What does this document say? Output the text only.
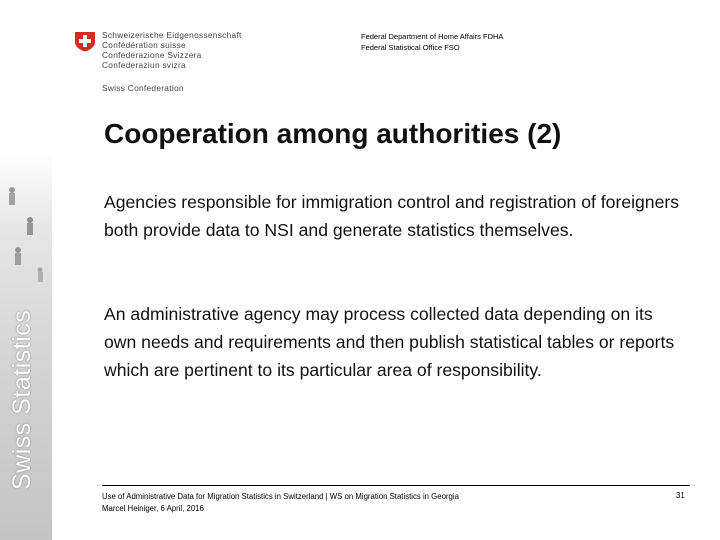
Swiss Statistics
Schweizerische Eidgenossenschaft
Confédération suisse
Confederazione Svizzera
Confederaziun svizra
Swiss Confederation
Federal Department of Home Affairs FDHA
Federal Statistical Office FSO
Cooperation among authorities (2)

Agencies responsible for immigration control and registration of foreigners both provide data to NSI and generate statistics themselves.

An administrative agency may process collected data depending on its own needs and requirements and then publish statistical tables or reports which are pertinent to its particular area of responsibility.

Use of Administrative Data for Migration Statistics in Switzerland | WS on Migration Statistics in Georgia
Marcel Heiniger, 6 April, 2016
31
